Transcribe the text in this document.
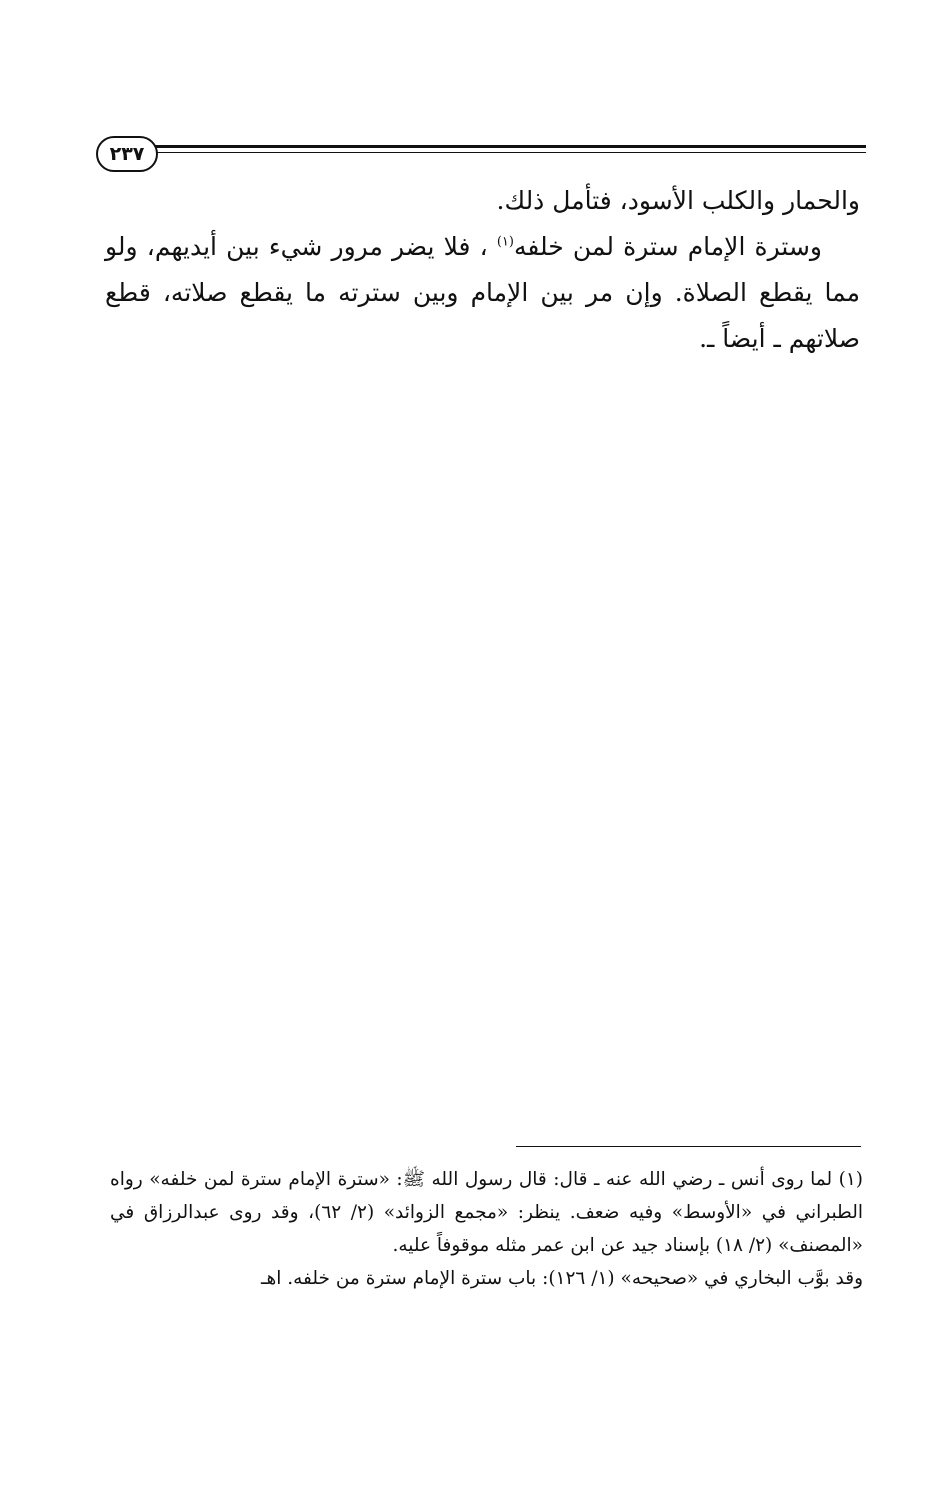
٢٣٧

والحمار والكلب الأسود، فتأمل ذلك.

وسترة الإمام سترة لمن خلفه$^{(١)}$ ، فلا يضر مرور شيء بين أيديهم، ولو مما يقطع الصلاة. وإن مر بين الإمام وبين سترته ما يقطع صلاته، قطع صلاتهم ـ أيضاً ـ.

(١) لما روى أنس ـ رضي الله عنه ـ قال: قال رسول الله ﷺ: «سترة الإمام سترة لمن خلفه» رواه الطبراني في «الأوسط» وفيه ضعف. ينظر: «مجمع الزوائد» (٢/ ٦٢)، وقد روى عبدالرزاق في «المصنف» (٢/ ١٨) بإسناد جيد عن ابن عمر مثله موقوفاً عليه.

وقد بوَّب البخاري في «صحيحه» (١/ ١٢٦): باب سترة الإمام سترة من خلفه. اهـ
